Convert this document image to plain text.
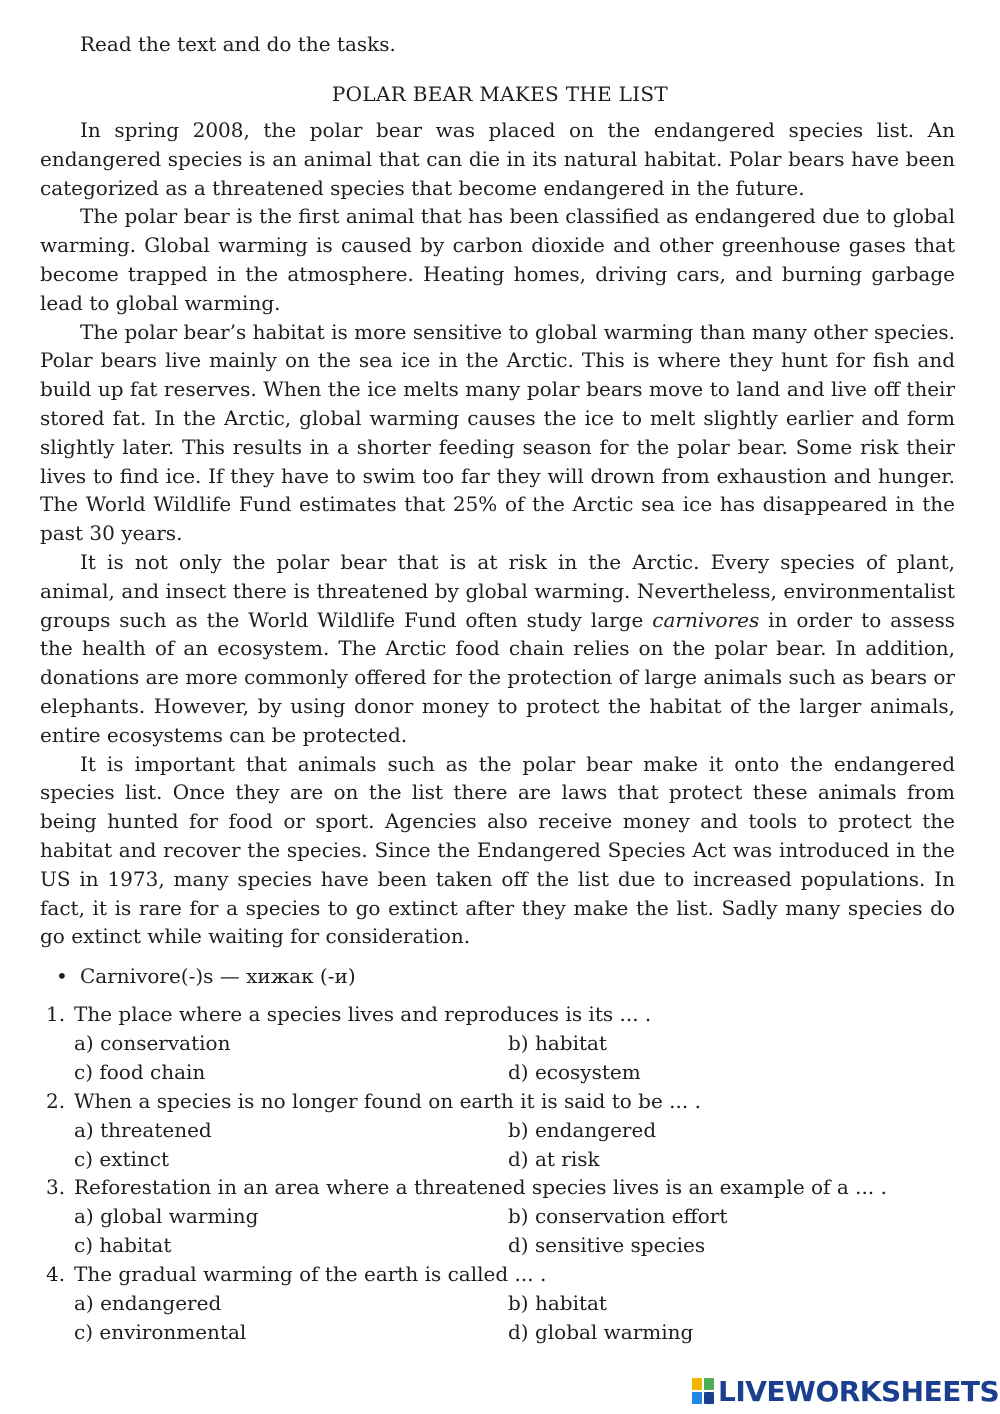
Read the text and do the tasks.
POLAR BEAR MAKES THE LIST

In spring 2008, the polar bear was placed on the endangered species list. An endangered species is an animal that can die in its natural habitat. Polar bears have been categorized as a threatened species that become endangered in the future.

The polar bear is the first animal that has been classified as endangered due to global warming. Global warming is caused by carbon dioxide and other greenhouse gases that become trapped in the atmosphere. Heating homes, driving cars, and burning garbage lead to global warming.

The polar bear’s habitat is more sensitive to global warming than many other species. Polar bears live mainly on the sea ice in the Arctic. This is where they hunt for fish and build up fat reserves. When the ice melts many polar bears move to land and live off their stored fat. In the Arctic, global warming causes the ice to melt slightly earlier and form slightly later. This results in a shorter feeding season for the polar bear. Some risk their lives to find ice. If they have to swim too far they will drown from exhaustion and hunger. The World Wildlife Fund estimates that 25% of the Arctic sea ice has disappeared in the past 30 years.

It is not only the polar bear that is at risk in the Arctic. Every species of plant, animal, and insect there is threatened by global warming. Nevertheless, environmentalist groups such as the World Wildlife Fund often study large carnivores in order to assess the health of an ecosystem. The Arctic food chain relies on the polar bear. In addition, donations are more commonly offered for the protection of large animals such as bears or elephants. However, by using donor money to protect the habitat of the larger animals, entire ecosystems can be protected.

It is important that animals such as the polar bear make it onto the endangered species list. Once they are on the list there are laws that protect these animals from being hunted for food or sport. Agencies also receive money and tools to protect the habitat and recover the species. Since the Endangered Species Act was introduced in the US in 1973, many species have been taken off the list due to increased populations. In fact, it is rare for a species to go extinct after they make the list. Sadly many species do go extinct while waiting for consideration.

• Carnivore(-)s — хижак (-и)
1. The place where a species lives and reproduces is its ... .
a) conservation	b) habitat
c) food chain	d) ecosystem
2. When a species is no longer found on earth it is said to be ... .
a) threatened	b) endangered
c) extinct	d) at risk
3. Reforestation in an area where a threatened species lives is an example of a ... .
a) global warming	b) conservation effort
c) habitat	d) sensitive species
4. The gradual warming of the earth is called ... .
a) endangered	b) habitat
c) environmental	d) global warming
LIVEWORKSHEETS
